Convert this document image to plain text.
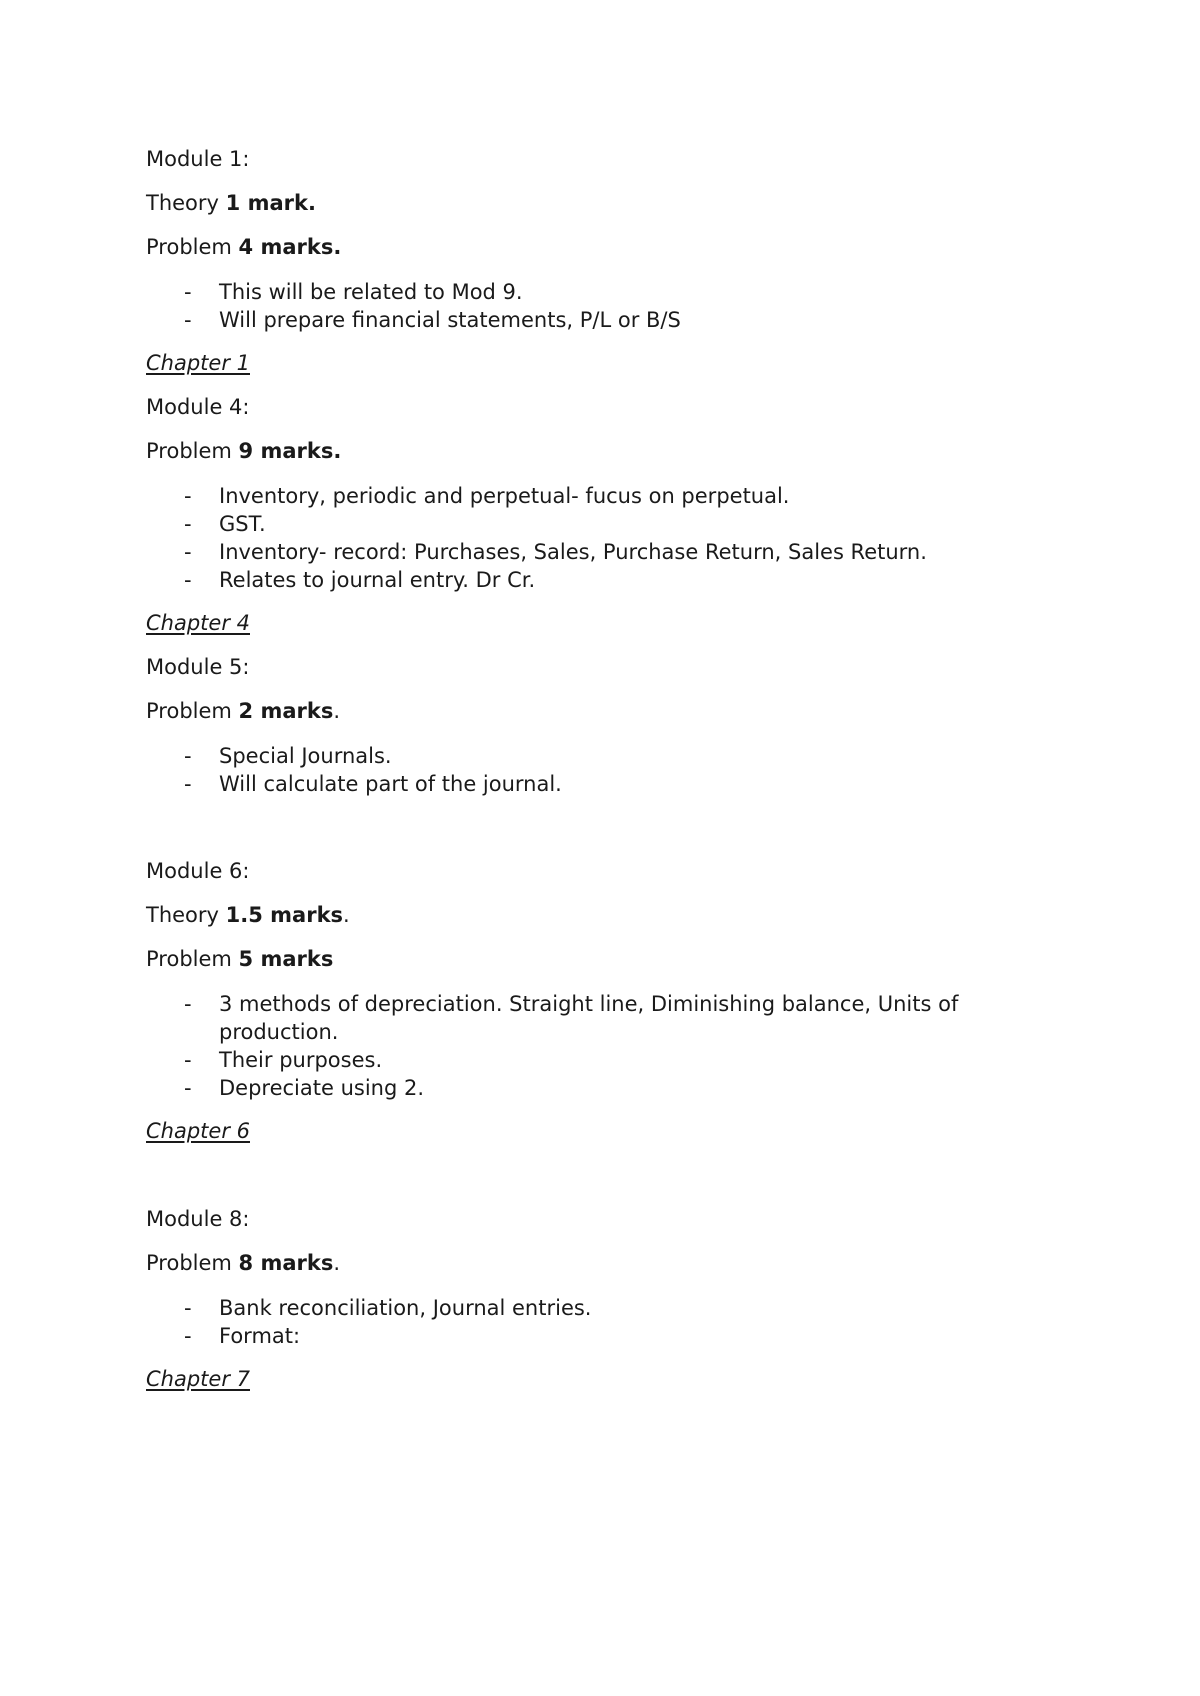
Module 1:
Theory 1 mark.
Problem 4 marks.
- This will be related to Mod 9.
- Will prepare financial statements, P/L or B/S
Chapter 1
Module 4:
Problem 9 marks.
- Inventory, periodic and perpetual- fucus on perpetual.
- GST.
- Inventory- record: Purchases, Sales, Purchase Return, Sales Return.
- Relates to journal entry. Dr Cr.
Chapter 4
Module 5:
Problem 2 marks.
- Special Journals.
- Will calculate part of the journal.
Module 6:
Theory 1.5 marks.
Problem 5 marks
- 3 methods of depreciation. Straight line, Diminishing balance, Units of production.
- Their purposes.
- Depreciate using 2.
Chapter 6
Module 8:
Problem 8 marks.
- Bank reconciliation, Journal entries.
- Format:
Chapter 7
